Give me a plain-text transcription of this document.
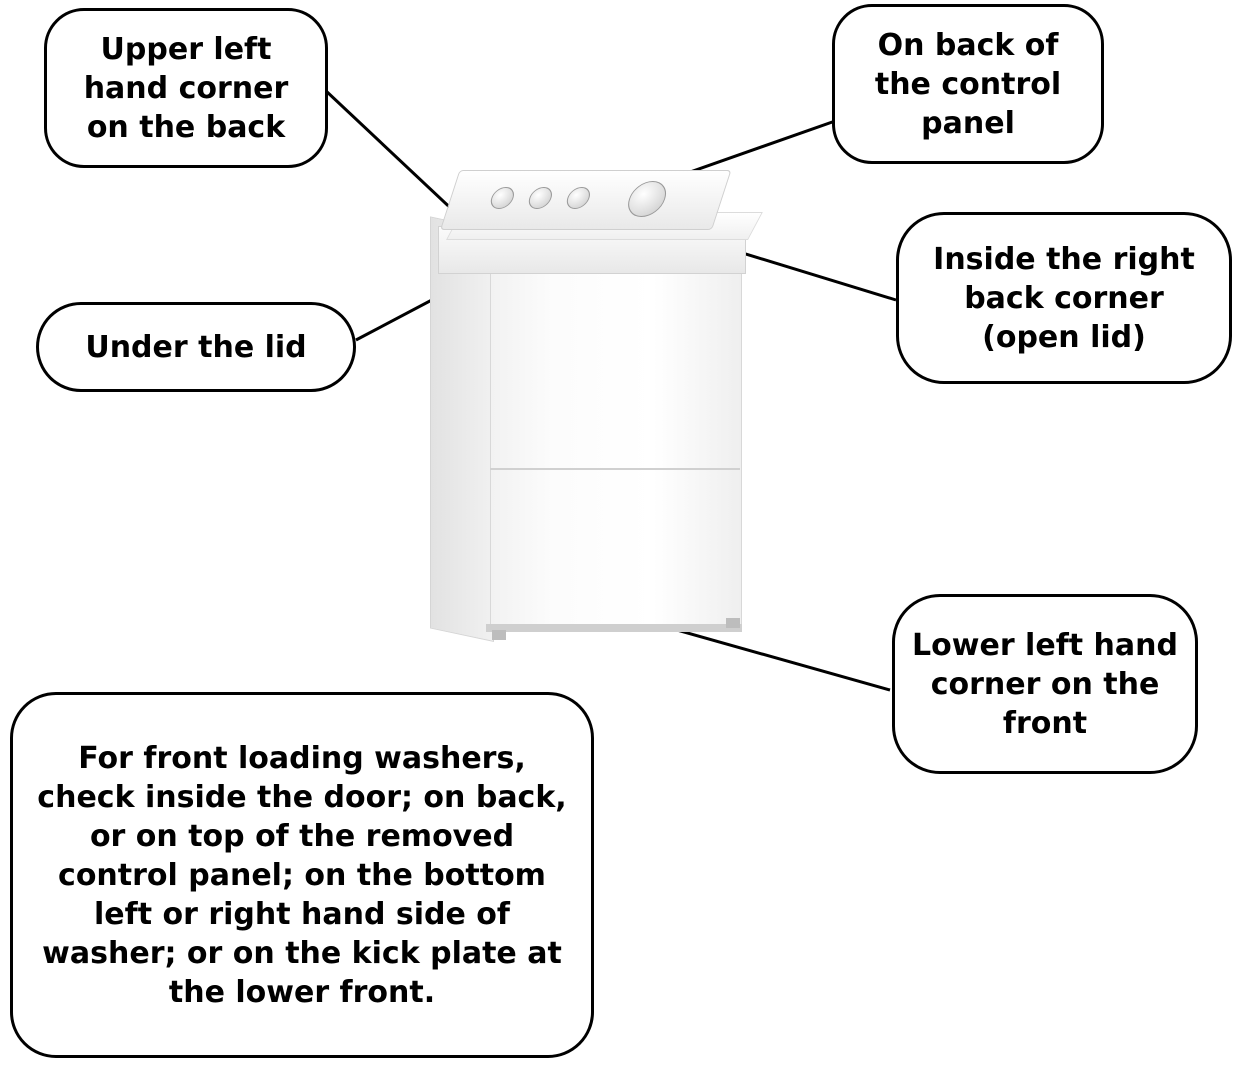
Upper left hand corner on the back
On back of the control panel
Inside the right back corner (open lid)
Under the lid
Lower left hand corner on the front
For front loading washers, check inside the door; on back, or on top of the removed control panel; on the bottom left or right hand side of washer; or on the kick plate at the lower front.
